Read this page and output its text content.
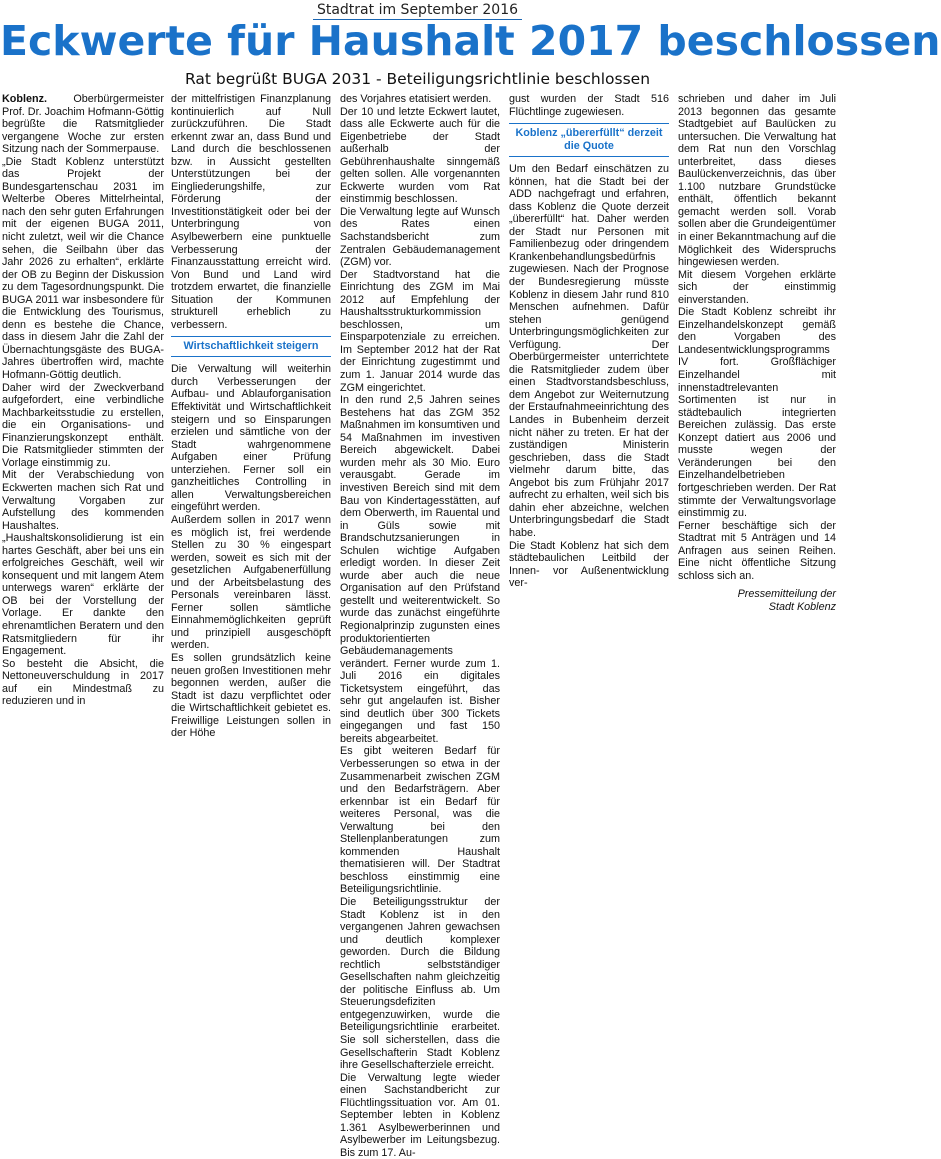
Stadtrat im September 2016
Eckwerte für Haushalt 2017 beschlossen
Rat begrüßt BUGA 2031 - Beteiligungsrichtlinie beschlossen

Koblenz. Oberbürgermeister Prof. Dr. Joachim Hofmann-Göttig begrüßte die Ratsmitglieder vergangene Woche zur ersten Sitzung nach der Sommerpause.

„Die Stadt Koblenz unterstützt das Projekt der Bundesgartenschau 2031 im Welterbe Oberes Mittelrheintal, nach den sehr guten Erfahrungen mit der eigenen BUGA 2011, nicht zuletzt, weil wir die Chance sehen, die Seilbahn über das Jahr 2026 zu erhalten“, erklärte der OB zu Beginn der Diskussion zu dem Tagesordnungspunkt. Die BUGA 2011 war insbesondere für die Entwicklung des Tourismus, denn es bestehe die Chance, dass in diesem Jahr die Zahl der Übernachtungsgäste des BUGA-Jahres übertroffen wird, machte Hofmann-Göttig deutlich.

Daher wird der Zweckverband aufgefordert, eine verbindliche Machbarkeitsstudie zu erstellen, die ein Organisations- und Finanzierungskonzept enthält. Die Ratsmitglieder stimmten der Vorlage einstimmig zu.

Mit der Verabschiedung von Eckwerten machen sich Rat und Verwaltung Vorgaben zur Aufstellung des kommenden Haushaltes.

„Haushaltskonsolidierung ist ein hartes Geschäft, aber bei uns ein erfolgreiches Geschäft, weil wir konsequent und mit langem Atem unterwegs waren“ erklärte der OB bei der Vorstellung der Vorlage. Er dankte den ehrenamtlichen Beratern und den Ratsmitgliedern für ihr Engagement.

So besteht die Absicht, die Nettoneuverschuldung in 2017 auf ein Mindestmaß zu reduzieren und in

der mittelfristigen Finanzplanung kontinuierlich auf Null zurückzuführen. Die Stadt erkennt zwar an, dass Bund und Land durch die beschlossenen bzw. in Aussicht gestellten Unterstützungen bei der Eingliederungshilfe, zur Förderung der Investitionstätigkeit oder bei der Unterbringung von Asylbewerbern eine punktuelle Verbesserung der Finanzausstattung erreicht wird. Von Bund und Land wird trotzdem erwartet, die finanzielle Situation der Kommunen strukturell erheblich zu verbessern.

Wirtschaftlichkeit steigern

Die Verwaltung will weiterhin durch Verbesserungen der Aufbau- und Ablauforganisation Effektivität und Wirtschaftlichkeit steigern und so Einsparungen erzielen und sämtliche von der Stadt wahrgenommene Aufgaben einer Prüfung unterziehen. Ferner soll ein ganzheitliches Controlling in allen Verwaltungsbereichen eingeführt werden.

Außerdem sollen in 2017 wenn es möglich ist, frei werdende Stellen zu 30 % eingespart werden, soweit es sich mit der gesetzlichen Aufgabenerfüllung und der Arbeitsbelastung des Personals vereinbaren lässt. Ferner sollen sämtliche Einnahmemöglichkeiten geprüft und prinzipiell ausgeschöpft werden.

Es sollen grundsätzlich keine neuen großen Investitionen mehr begonnen werden, außer die Stadt ist dazu verpflichtet oder die Wirtschaftlichkeit gebietet es. Freiwillige Leistungen sollen in der Höhe

des Vorjahres etatisiert werden.

Der 10 und letzte Eckwert lautet, dass alle Eckwerte auch für die Eigenbetriebe der Stadt außerhalb der Gebührenhaushalte sinngemäß gelten sollen. Alle vorgenannten Eckwerte wurden vom Rat einstimmig beschlossen.

Die Verwaltung legte auf Wunsch des Rates einen Sachstandsbericht zum Zentralen Gebäudemanagement (ZGM) vor.

Der Stadtvorstand hat die Einrichtung des ZGM im Mai 2012 auf Empfehlung der Haushaltsstrukturkommission beschlossen, um Einsparpotenziale zu erreichen. Im September 2012 hat der Rat der Einrichtung zugestimmt und zum 1. Januar 2014 wurde das ZGM eingerichtet.

In den rund 2,5 Jahren seines Bestehens hat das ZGM 352 Maßnahmen im konsumtiven und 54 Maßnahmen im investiven Bereich abgewickelt. Dabei wurden mehr als 30 Mio. Euro verausgabt. Gerade im investiven Bereich sind mit dem Bau von Kindertagesstätten, auf dem Oberwerth, im Rauental und in Güls sowie mit Brandschutzsanierungen in Schulen wichtige Aufgaben erledigt worden. In dieser Zeit wurde aber auch die neue Organisation auf den Prüfstand gestellt und weiterentwickelt. So wurde das zunächst eingeführte Regionalprinzip zugunsten eines produktorientierten Gebäudemanagements verändert. Ferner wurde zum 1. Juli 2016 ein digitales Ticketsystem eingeführt, das sehr gut angelaufen ist. Bisher sind deutlich über 300 Tickets eingegangen und fast 150 bereits abgearbeitet.

Es gibt weiteren Bedarf für Verbesserungen so etwa in der Zusammenarbeit zwischen ZGM und den Bedarfsträgern. Aber erkennbar ist ein Bedarf für weiteres Personal, was die Verwaltung bei den Stellenplanberatungen zum kommenden Haushalt thematisieren will. Der Stadtrat beschloss einstimmig eine Beteiligungsrichtlinie.

Die Beteiligungsstruktur der Stadt Koblenz ist in den vergangenen Jahren gewachsen und deutlich komplexer geworden. Durch die Bildung rechtlich selbstständiger Gesellschaften nahm gleichzeitig der politische Einfluss ab. Um Steuerungsdefiziten entgegenzuwirken, wurde die Beteiligungsrichtlinie erarbeitet. Sie soll sicherstellen, dass die Gesellschafterin Stadt Koblenz ihre Gesellschafterziele erreicht.

Die Verwaltung legte wieder einen Sachstandbericht zur Flüchtlingssituation vor. Am 01. September lebten in Koblenz 1.361 Asylbewerberinnen und Asylbewerber im Leitungsbezug. Bis zum 17. Au-

gust wurden der Stadt 516 Flüchtlinge zugewiesen.

Koblenz „übererfüllt“ derzeit die Quote

Um den Bedarf einschätzen zu können, hat die Stadt bei der ADD nachgefragt und erfahren, dass Koblenz die Quote derzeit „übererfüllt“ hat. Daher werden der Stadt nur Personen mit Familienbezug oder dringendem Krankenbehandlungsbedürfnis zugewiesen. Nach der Prognose der Bundesregierung müsste Koblenz in diesem Jahr rund 810 Menschen aufnehmen. Dafür stehen genügend Unterbringungsmöglichkeiten zur Verfügung. Der Oberbürgermeister unterrichtete die Ratsmitglieder zudem über einen Stadtvorstandsbeschluss, dem Angebot zur Weiternutzung der Erstaufnahmeeinrichtung des Landes in Bubenheim derzeit nicht näher zu treten. Er hat der zuständigen Ministerin geschrieben, dass die Stadt vielmehr darum bitte, das Angebot bis zum Frühjahr 2017 aufrecht zu erhalten, weil sich bis dahin eher abzeichne, welchen Unterbringungsbedarf die Stadt habe.

Die Stadt Koblenz hat sich dem städtebaulichen Leitbild der Innen- vor Außenentwicklung ver-

schrieben und daher im Juli 2013 begonnen das gesamte Stadtgebiet auf Baulücken zu untersuchen. Die Verwaltung hat dem Rat nun den Vorschlag unterbreitet, dass dieses Baulückenverzeichnis, das über 1.100 nutzbare Grundstücke enthält, öffentlich bekannt gemacht werden soll. Vorab sollen aber die Grundeigentümer in einer Bekanntmachung auf die Möglichkeit des Widerspruchs hingewiesen werden.

Mit diesem Vorgehen erklärte sich der einstimmig einverstanden.

Die Stadt Koblenz schreibt ihr Einzelhandelskonzept gemäß den Vorgaben des Landesentwicklungsprogramms IV fort. Großflächiger Einzelhandel mit innenstadtrelevanten Sortimenten ist nur in städtebaulich integrierten Bereichen zulässig. Das erste Konzept datiert aus 2006 und musste wegen der Veränderungen bei den Einzelhandelbetrieben fortgeschrieben werden. Der Rat stimmte der Verwaltungsvorlage einstimmig zu.

Ferner beschäftige sich der Stadtrat mit 5 Anträgen und 14 Anfragen aus seinen Reihen. Eine nicht öffentliche Sitzung schloss sich an.

Pressemitteilung der
Stadt Koblenz
